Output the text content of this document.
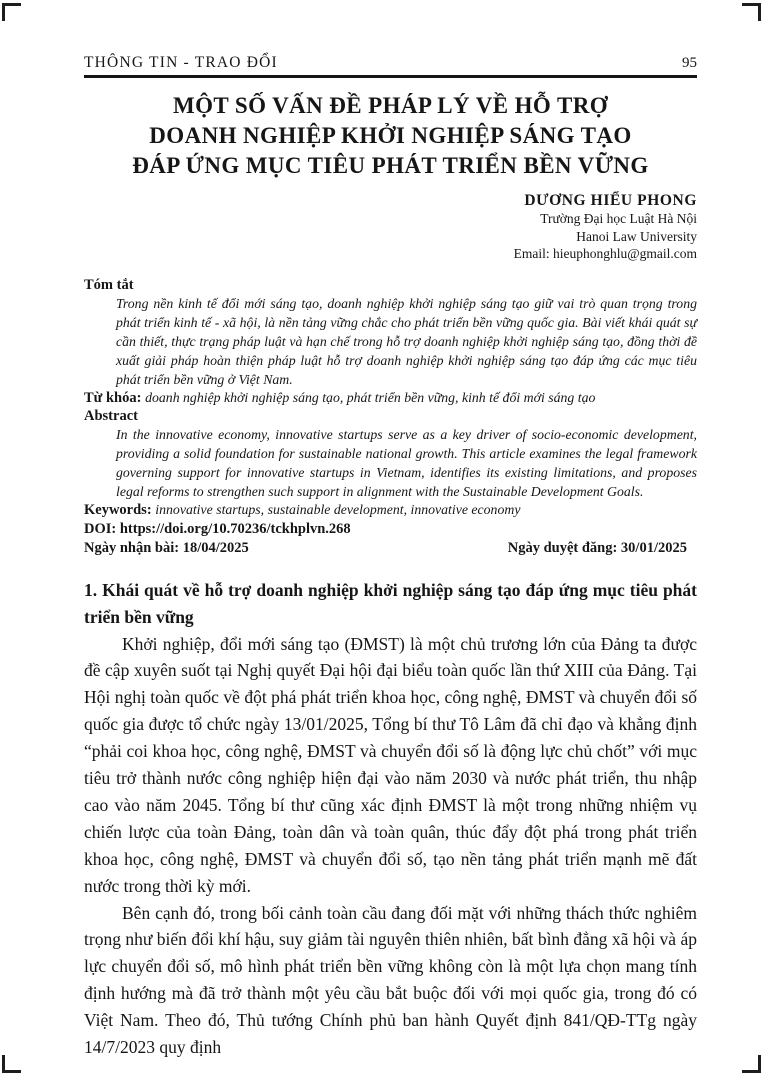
THÔNG TIN - TRAO ĐỔI	95
MỘT SỐ VẤN ĐỀ PHÁP LÝ VỀ HỖ TRỢ
DOANH NGHIỆP KHỞI NGHIỆP SÁNG TẠO
ĐÁP ỨNG MỤC TIÊU PHÁT TRIỂN BỀN VỮNG
DƯƠNG HIỂU PHONG
Trường Đại học Luật Hà Nội
Hanoi Law University
Email: hieuphonghlu@gmail.com
Tóm tắt

Trong nền kinh tế đổi mới sáng tạo, doanh nghiệp khởi nghiệp sáng tạo giữ vai trò quan trọng trong phát triển kinh tế - xã hội, là nền tảng vững chắc cho phát triển bền vững quốc gia. Bài viết khái quát sự cần thiết, thực trạng pháp luật và hạn chế trong hỗ trợ doanh nghiệp khởi nghiệp sáng tạo, đồng thời đề xuất giải pháp hoàn thiện pháp luật hỗ trợ doanh nghiệp khởi nghiệp sáng tạo đáp ứng các mục tiêu phát triển bền vững ở Việt Nam.

Từ khóa: doanh nghiệp khởi nghiệp sáng tạo, phát triển bền vững, kinh tế đổi mới sáng tạo

Abstract

In the innovative economy, innovative startups serve as a key driver of socio-economic development, providing a solid foundation for sustainable national growth. This article examines the legal framework governing support for innovative startups in Vietnam, identifies its existing limitations, and proposes legal reforms to strengthen such support in alignment with the Sustainable Development Goals.

Keywords: innovative startups, sustainable development, innovative economy

DOI: https://doi.org/10.70236/tckhplvn.268

Ngày nhận bài: 18/04/2025	Ngày duyệt đăng: 30/01/2025
1. Khái quát về hỗ trợ doanh nghiệp khởi nghiệp sáng tạo đáp ứng mục tiêu phát triển bền vững

Khởi nghiệp, đổi mới sáng tạo (ĐMST) là một chủ trương lớn của Đảng ta được đề cập xuyên suốt tại Nghị quyết Đại hội đại biểu toàn quốc lần thứ XIII của Đảng. Tại Hội nghị toàn quốc về đột phá phát triển khoa học, công nghệ, ĐMST và chuyển đổi số quốc gia được tổ chức ngày 13/01/2025, Tổng bí thư Tô Lâm đã chỉ đạo và khẳng định “phải coi khoa học, công nghệ, ĐMST và chuyển đổi số là động lực chủ chốt” với mục tiêu trở thành nước công nghiệp hiện đại vào năm 2030 và nước phát triển, thu nhập cao vào năm 2045. Tổng bí thư cũng xác định ĐMST là một trong những nhiệm vụ chiến lược của toàn Đảng, toàn dân và toàn quân, thúc đẩy đột phá trong phát triển khoa học, công nghệ, ĐMST và chuyển đổi số, tạo nền tảng phát triển mạnh mẽ đất nước trong thời kỳ mới.

Bên cạnh đó, trong bối cảnh toàn cầu đang đối mặt với những thách thức nghiêm trọng như biến đổi khí hậu, suy giảm tài nguyên thiên nhiên, bất bình đẳng xã hội và áp lực chuyển đổi số, mô hình phát triển bền vững không còn là một lựa chọn mang tính định hướng mà đã trở thành một yêu cầu bắt buộc đối với mọi quốc gia, trong đó có Việt Nam. Theo đó, Thủ tướng Chính phủ ban hành Quyết định 841/QĐ-TTg ngày 14/7/2023 quy định
